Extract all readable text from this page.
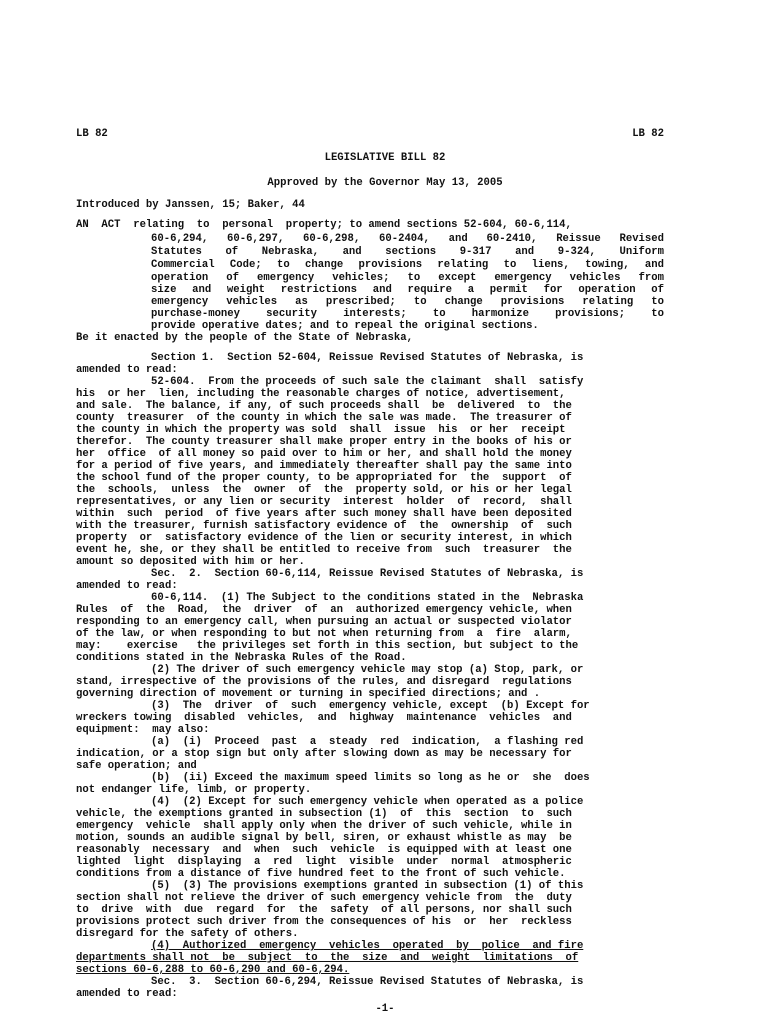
LB 82	LB 82
LEGISLATIVE BILL 82
Approved by the Governor May 13, 2005
Introduced by Janssen, 15; Baker, 44
AN  ACT  relating  to  personal  property; to amend sections 52-604, 60-6,114,
60-6,294, 60-6,297, 60-6,298, 60-2404, and 60-2410, Reissue Revised
Statutes of Nebraska, and sections 9-317 and 9-324, Uniform
Commercial Code; to change provisions relating to liens, towing, and
operation of emergency vehicles; to except emergency vehicles from
size and weight restrictions and require a permit for operation of
emergency vehicles as prescribed; to change provisions relating to
purchase-money security interests; to harmonize provisions; to
provide operative dates; and to repeal the original sections.
Be it enacted by the people of the State of Nebraska,
Section 1.  Section 52-604, Reissue Revised Statutes of Nebraska, is
amended to read:
52-604.  From the proceeds of such sale the claimant  shall  satisfy
his  or her  lien, including the reasonable charges of notice, advertisement,
and sale.  The balance, if any, of such proceeds shall  be  delivered  to  the
county  treasurer  of the county in which the sale was made.  The treasurer of
the county in which the property was sold  shall  issue  his  or her  receipt
therefor.  The county treasurer shall make proper entry in the books of his or
her  office  of all money so paid over to him or her, and shall hold the money
for a period of five years, and immediately thereafter shall pay the same into
the school fund of the proper county, to be appropriated for  the  support  of
the  schools,  unless  the  owner  of  the  property sold, or his or her legal
representatives, or any lien or security  interest  holder  of  record,  shall
within  such  period  of five years after such money shall have been deposited
with the treasurer, furnish satisfactory evidence of  the  ownership  of  such
property  or  satisfactory evidence of the lien or security interest, in which
event he, she, or they shall be entitled to receive from  such  treasurer  the
amount so deposited with him or her.
Sec.  2.  Section 60-6,114, Reissue Revised Statutes of Nebraska, is
amended to read:
60-6,114.  (1) The Subject to the conditions stated in the  Nebraska
Rules  of  the  Road,  the  driver  of  an  authorized emergency vehicle, when
responding to an emergency call, when pursuing an actual or suspected violator
of the law, or when responding to but not when returning from  a  fire  alarm,
may:    exercise   the privileges set forth in this section, but subject to the
conditions stated in the Nebraska Rules of the Road.
(2) The driver of such emergency vehicle may stop (a) Stop, park, or
stand, irrespective of the provisions of the rules, and disregard  regulations
governing direction of movement or turning in specified directions; and .
(3)  The  driver  of  such  emergency vehicle, except  (b) Except for
wreckers towing  disabled  vehicles,  and  highway  maintenance  vehicles  and
equipment:  may also:
(a)  (i)  Proceed  past  a  steady  red  indication,  a flashing red
indication, or a stop sign but only after slowing down as may be necessary for
safe operation; and
(b)  (ii) Exceed the maximum speed limits so long as he or  she  does
not endanger life, limb, or property.
(4)  (2) Except for such emergency vehicle when operated as a police
vehicle, the exemptions granted in subsection (1)  of  this  section  to  such
emergency  vehicle  shall apply only when the driver of such vehicle, while in
motion, sounds an audible signal by bell, siren, or exhaust whistle as may  be
reasonably  necessary  and  when  such  vehicle  is equipped with at least one
lighted  light  displaying  a  red  light  visible  under  normal  atmospheric
conditions from a distance of five hundred feet to the front of such vehicle.
(5)  (3) The provisions exemptions granted in subsection (1) of this
section shall not relieve the driver of such emergency vehicle from  the  duty
to  drive  with  due  regard  for  the  safety  of all persons, nor shall such
provisions protect such driver from the consequences of his  or  her  reckless
disregard for the safety of others.
(4)  Authorized  emergency  vehicles  operated  by  police  and fire
departments shall not  be  subject  to  the  size  and  weight  limitations  of
sections 60-6,288 to 60-6,290 and 60-6,294.
Sec.  3.  Section 60-6,294, Reissue Revised Statutes of Nebraska, is
amended to read:
-1-
